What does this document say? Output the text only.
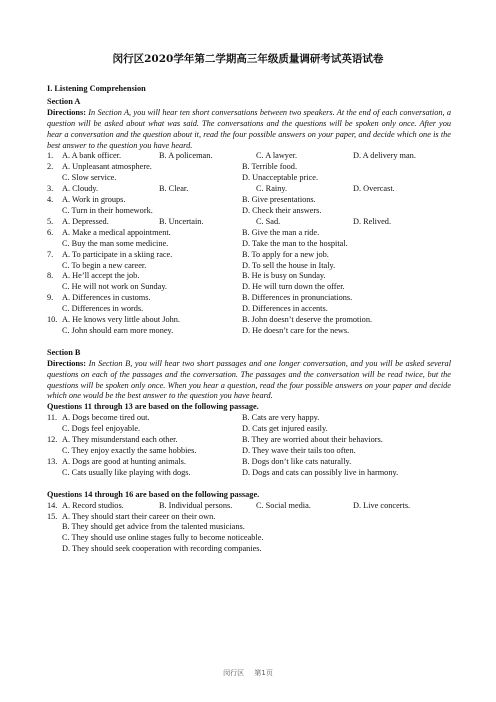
闵行区2020学年第二学期高三年级质量调研考试英语试卷
I. Listening Comprehension
Section A
Directions: In Section A, you will hear ten short conversations between two speakers. At the end of each conversation, a question will be asked about what was said. The conversations and the questions will be spoken only once. After you hear a conversation and the question about it, read the four possible answers on your paper, and decide which one is the best answer to the question you have heard.
1.	A. A bank officer.	B. A policeman.	C. A lawyer.	D. A delivery man.
2.	A. Unpleasant atmosphere.	B. Terrible food.
C. Slow service.	D. Unacceptable price.
3.	A. Cloudy.	B. Clear.	C. Rainy.	D. Overcast.
4.	A. Work in groups.	B. Give presentations.
C. Turn in their homework.	D. Check their answers.
5.	A. Depressed.	B. Uncertain.	C. Sad.	D. Relived.
6.	A. Make a medical appointment.	B. Give the man a ride.
C. Buy the man some medicine.	D. Take the man to the hospital.
7.	A. To participate in a skiing race.	B. To apply for a new job.
C. To begin a new career.	D. To sell the house in Italy.
8.	A. He’ll accept the job.	B. He is busy on Sunday.
C. He will not work on Sunday.	D. He will turn down the offer.
9.	A. Differences in customs.	B. Differences in pronunciations.
C. Differences in words.	D. Differences in accents.
10. A. He knows very little about John.	B. John doesn’t deserve the promotion.
C. John should earn more money.	D. He doesn’t care for the news.
Section B
Directions: In Section B, you will hear two short passages and one longer conversation, and you will be asked several questions on each of the passages and the conversation. The passages and the conversation will be read twice, but the questions will be spoken only once. When you hear a question, read the four possible answers on your paper and decide which one would be the best answer to the question you have heard.
Questions 11 through 13 are based on the following passage.
11. A. Dogs become tired out.	B. Cats are very happy.
C. Dogs feel enjoyable.	D. Cats get injured easily.
12. A. They misunderstand each other.	B. They are worried about their behaviors.
C. They enjoy exactly the same hobbies.	D. They wave their tails too often.
13. A. Dogs are good at hunting animals.	B. Dogs don’t like cats naturally.
C. Cats usually like playing with dogs.	D. Dogs and cats can possibly live in harmony.
Questions 14 through 16 are based on the following passage.
14. A. Record studios.	B. Individual persons.	C. Social media.	D. Live concerts.
15. A. They should start their career on their own.
B. They should get advice from the talented musicians.
C. They should use online stages fully to become noticeable.
D. They should seek cooperation with recording companies.
闵行区 第1页
